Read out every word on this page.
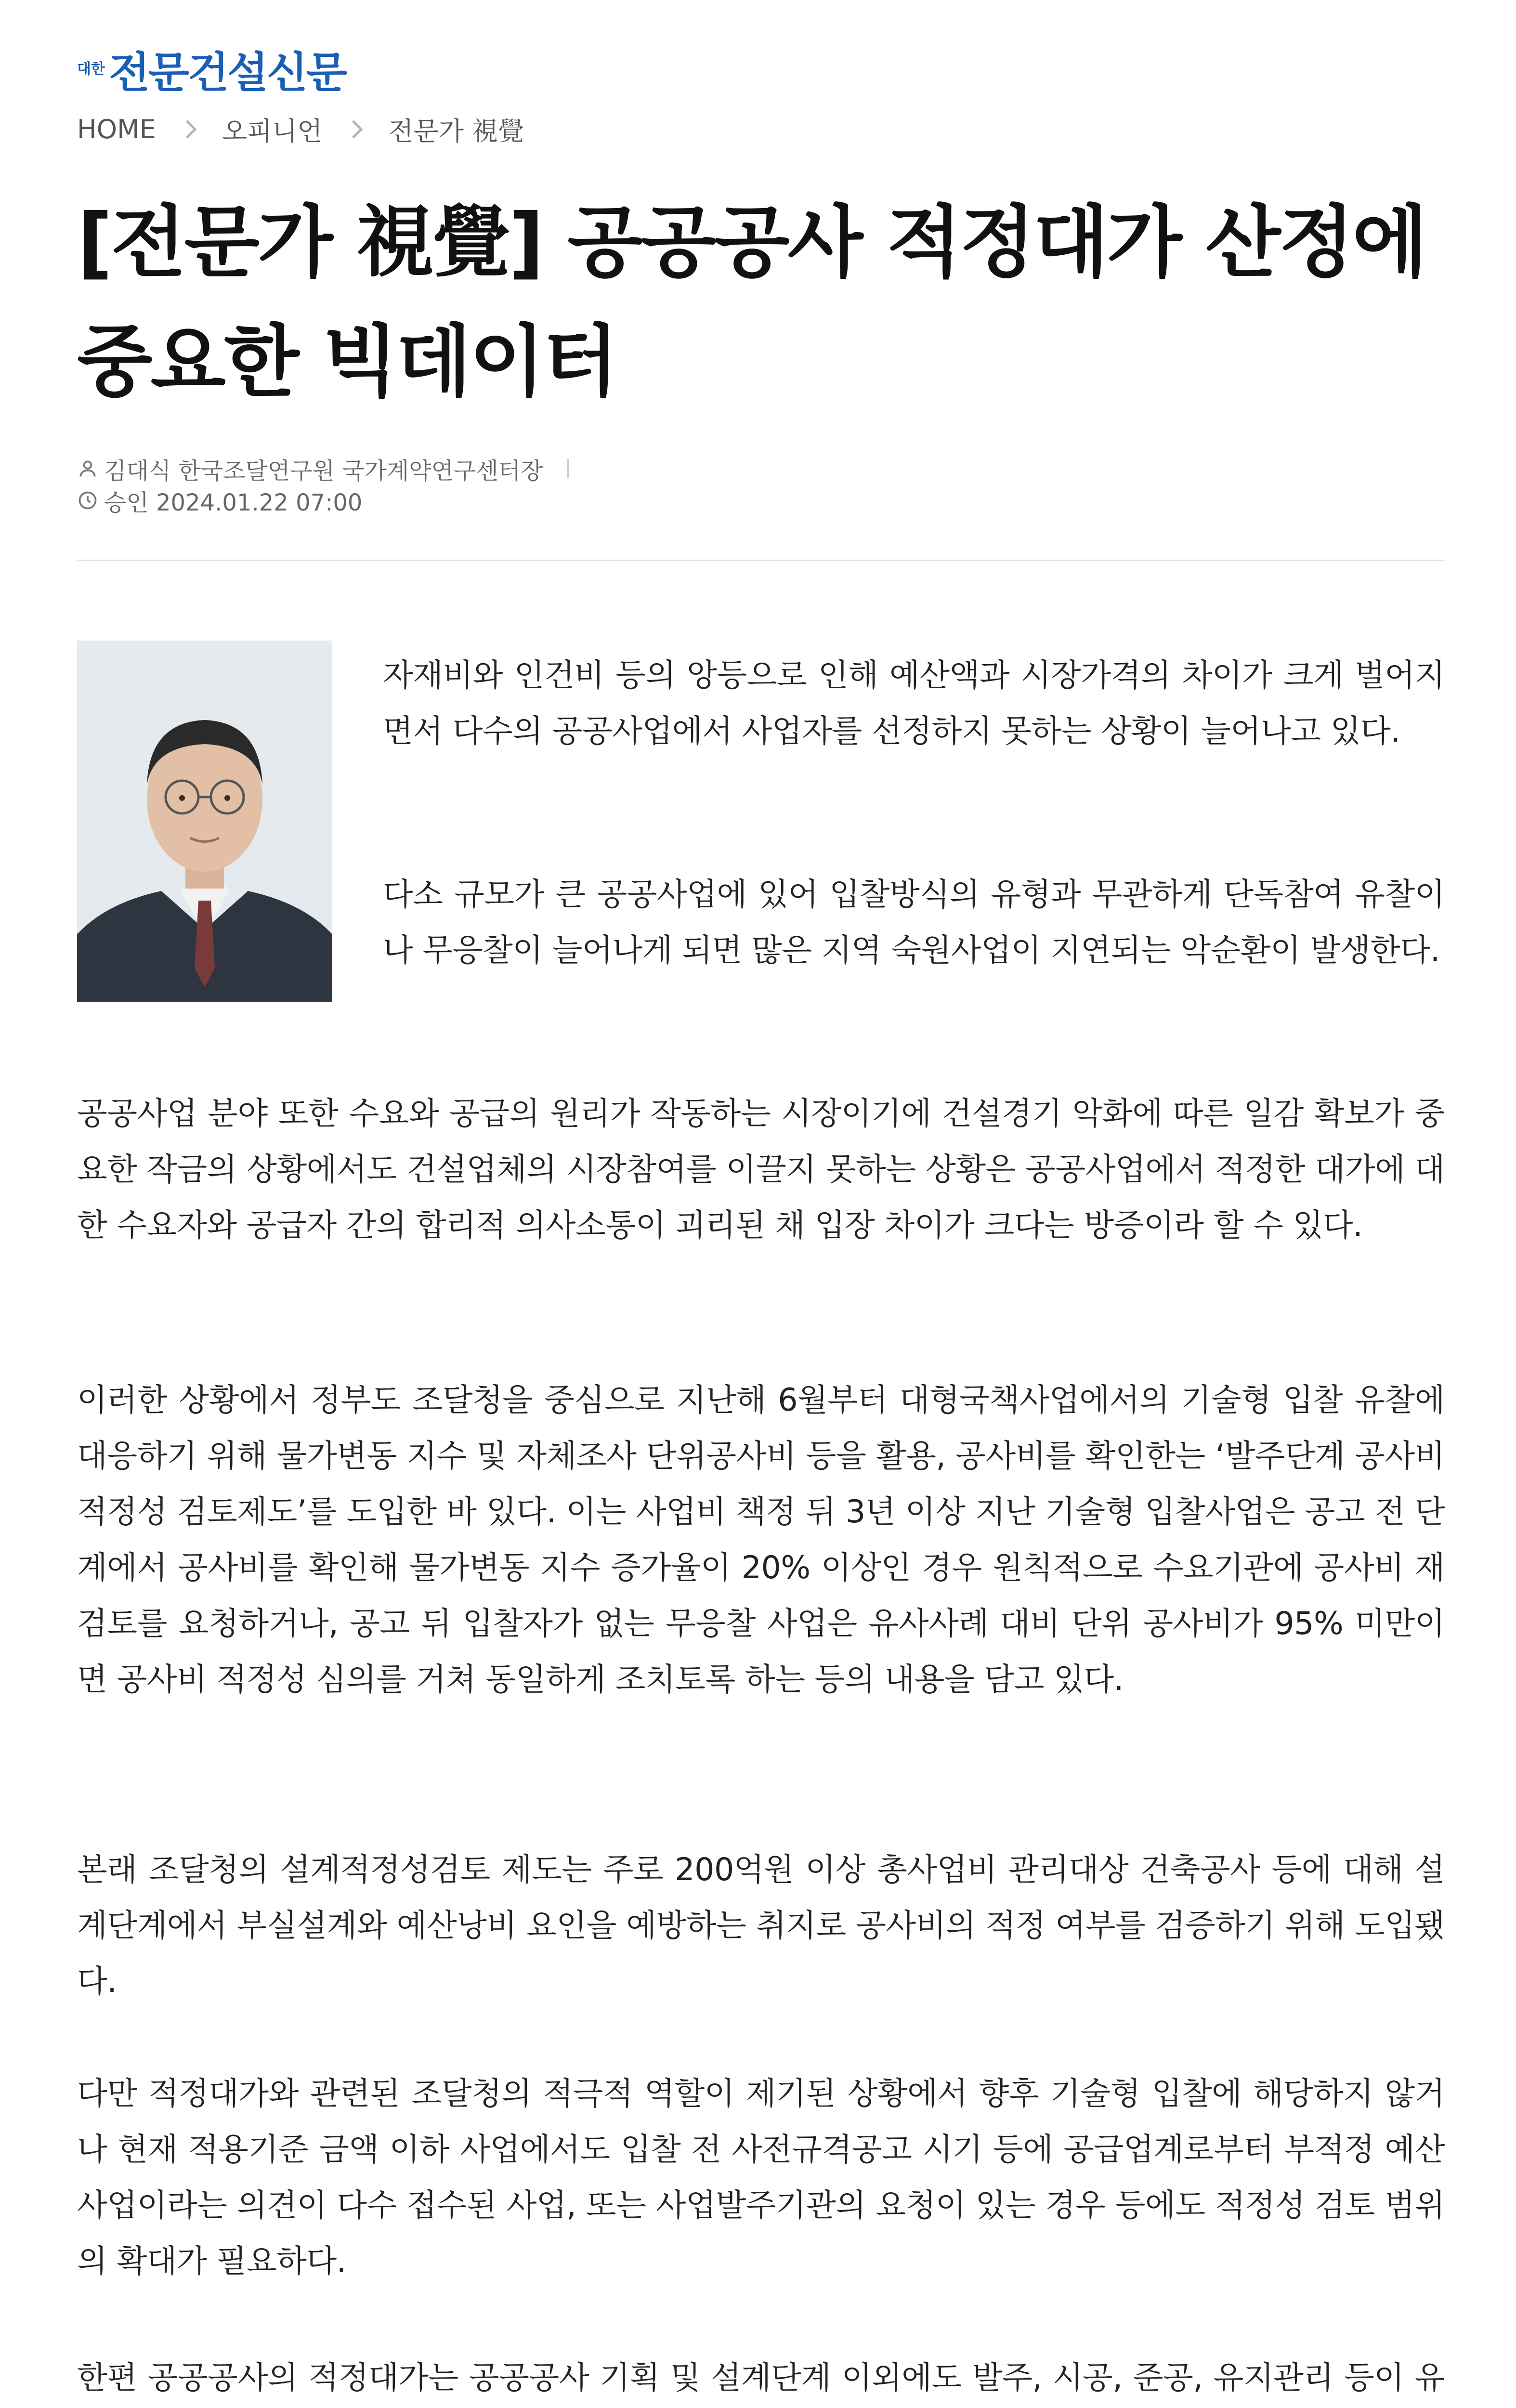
대한 전문건설신문
HOME	오피니언	전문가 視覺
[전문가 視覺] 공공공사 적정대가 산정에
중요한 빅데이터
김대식 한국조달연구원 국가계약연구센터장
승인 2024.01.22 07:00

자재비와 인건비 등의 앙등으로 인해 예산액과 시장가격의 차이가 크게 벌어지면서 다수의 공공사업에서 사업자를 선정하지 못하는 상황이 늘어나고 있다.

다소 규모가 큰 공공사업에 있어 입찰방식의 유형과 무관하게 단독참여 유찰이나 무응찰이 늘어나게 되면 많은 지역 숙원사업이 지연되는 악순환이 발생한다.

공공사업 분야 또한 수요와 공급의 원리가 작동하는 시장이기에 건설경기 악화에 따른 일감 확보가 중요한 작금의 상황에서도 건설업체의 시장참여를 이끌지 못하는 상황은 공공사업에서 적정한 대가에 대한 수요자와 공급자 간의 합리적 의사소통이 괴리된 채 입장 차이가 크다는 방증이라 할 수 있다.

이러한 상황에서 정부도 조달청을 중심으로 지난해 6월부터 대형국책사업에서의 기술형 입찰 유찰에 대응하기 위해 물가변동 지수 및 자체조사 단위공사비 등을 활용, 공사비를 확인한는 ‘발주단계 공사비 적정성 검토제도’를 도입한 바 있다. 이는 사업비 책정 뒤 3년 이상 지난 기술형 입찰사업은 공고 전 단계에서 공사비를 확인해 물가변동 지수 증가율이 20% 이상인 경우 원칙적으로 수요기관에 공사비 재검토를 요청하거나, 공고 뒤 입찰자가 없는 무응찰 사업은 유사사례 대비 단위 공사비가 95% 미만이면 공사비 적정성 심의를 거쳐 동일하게 조치토록 하는 등의 내용을 담고 있다.

본래 조달청의 설계적정성검토 제도는 주로 200억원 이상 총사업비 관리대상 건축공사 등에 대해 설계단계에서 부실설계와 예산낭비 요인을 예방하는 취지로 공사비의 적정 여부를 검증하기 위해 도입됐다.

다만 적정대가와 관련된 조달청의 적극적 역할이 제기된 상황에서 향후 기술형 입찰에 해당하지 않거나 현재 적용기준 금액 이하 사업에서도 입찰 전 사전규격공고 시기 등에 공급업계로부터 부적정 예산사업이라는 의견이 다수 접수된 사업, 또는 사업발주기관의 요청이 있는 경우 등에도 적정성 검토 범위의 확대가 필요하다.

한편 공공공사의 적정대가는 공공공사 기획 및 설계단계 이외에도 발주, 시공, 준공, 유지관리 등이 유
